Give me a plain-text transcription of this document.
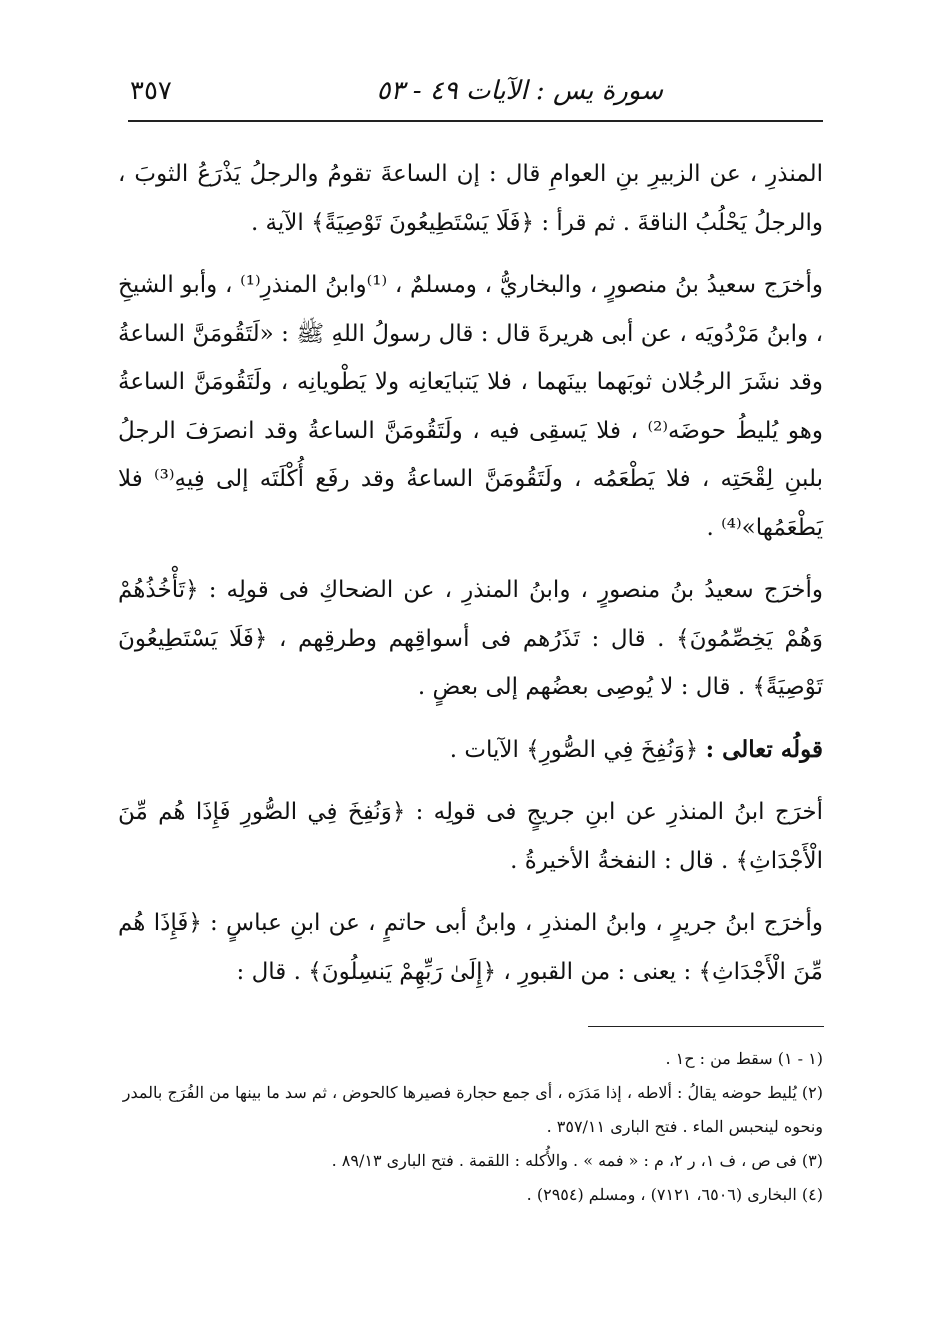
سورة يس : الآيات ٤٩ - ٥٣
٣٥٧

المنذرِ ، عن الزبيرِ بنِ العوامِ قال : إن الساعةَ تقومُ والرجلُ يَذْرَعُ الثوبَ ، والرجلُ يَحْلُبُ الناقةَ . ثم قرأ : ﴿فَلَا يَسْتَطِيعُونَ تَوْصِيَةً﴾ الآية .

وأخرَج سعيدُ بنُ منصورٍ ، والبخاريُّ ، ومسلمٌ ، ⁽¹⁾وابنُ المنذرِ⁽¹⁾ ، وأبو الشيخِ ، وابنُ مَرْدُويَه ، عن أبى هريرةَ قال : قال رسولُ اللهِ ﷺ : «لَتَقُومَنَّ الساعةُ وقد نشَرَ الرجُلان ثوبَهما بينَهما ، فلا يَتبايَعانِه ولا يَطْويانِه ، ولَتَقُومَنَّ الساعةُ وهو يُليطُ حوضَه⁽²⁾ ، فلا يَسقِى فيه ، ولَتَقُومَنَّ الساعةُ وقد انصرَفَ الرجلُ بلبنِ لِقْحَتِه ، فلا يَطْعَمُه ، ولَتَقُومَنَّ الساعةُ وقد رفَع أُكْلَتَه إلى فِيهِ⁽³⁾ فلا يَطْعَمُها»⁽⁴⁾ .

وأخرَج سعيدُ بنُ منصورٍ ، وابنُ المنذرِ ، عن الضحاكِ فى قولِه : ﴿تَأْخُذُهُمْ وَهُمْ يَخِصِّمُونَ﴾ . قال : تَذَرُهم فى أسواقِهم وطرقِهم ، ﴿فَلَا يَسْتَطِيعُونَ تَوْصِيَةً﴾ . قال : لا يُوصِى بعضُهم إلى بعضٍ .

قولُه تعالى : ﴿وَنُفِخَ فِي الصُّورِ﴾ الآيات .

أخرَج ابنُ المنذرِ عن ابنِ جريجٍ فى قولِه : ﴿وَنُفِخَ فِي الصُّورِ فَإِذَا هُم مِّنَ الْأَجْدَاثِ﴾ . قال : النفخةُ الأخيرةُ .

وأخرَج ابنُ جريرٍ ، وابنُ المنذرِ ، وابنُ أبى حاتمٍ ، عن ابنِ عباسٍ : ﴿فَإِذَا هُم مِّنَ الْأَجْدَاثِ﴾ : يعنى : من القبورِ ، ﴿إِلَىٰ رَبِّهِمْ يَنسِلُونَ﴾ . قال :

(١ - ١) سقط من : ح١ .
(٢) يُليط حوضه يقالُ : ألاطه ، إذا مَدَرَه ، أى جمع حجارة فصيرها كالحوض ، ثم سد ما بينها من الفُرَج بالمدر ونحوه لينحبس الماء . فتح البارى ٣٥٧/١١ .
(٣) فى ص ، ف ١، ر ٢، م : « فمه » . والأُكله : اللقمة . فتح البارى ٨٩/١٣ .
(٤) البخارى (٦٥٠٦، ٧١٢١) ، ومسلم (٢٩٥٤) .
